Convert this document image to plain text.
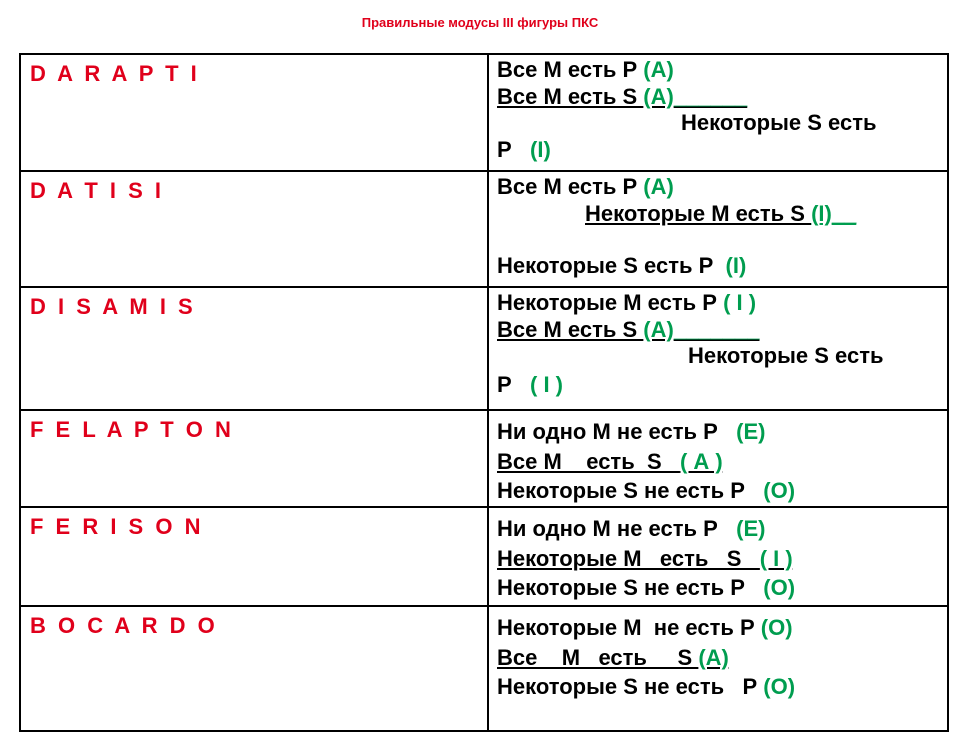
Правильные модусы III фигуры ПКС
D A R A P T I	Все М есть Р (А)
Все М есть S (А)______
Некоторые S есть
Р   (I)

D A T I S I	Все М есть Р (А)
Некоторые М есть S (I)__
Некоторые S есть Р  (I)

D I S A M I S	Некоторые М есть Р ( I )
Все М есть S (А)_______
Некоторые S есть
Р   ( I )

F E L A P T O N	Ни одно М не есть Р   (Е)
Все М    есть  S   ( А )
Некоторые S не есть Р   (О)

F E R I S O N	Ни одно М не есть Р   (Е)
Некоторые М   есть   S   ( I )
Некоторые S не есть Р   (О)

B O C A R D O	Некоторые М  не есть Р (О)
Все    М   есть     S (А)
Некоторые S не есть   Р (О)
